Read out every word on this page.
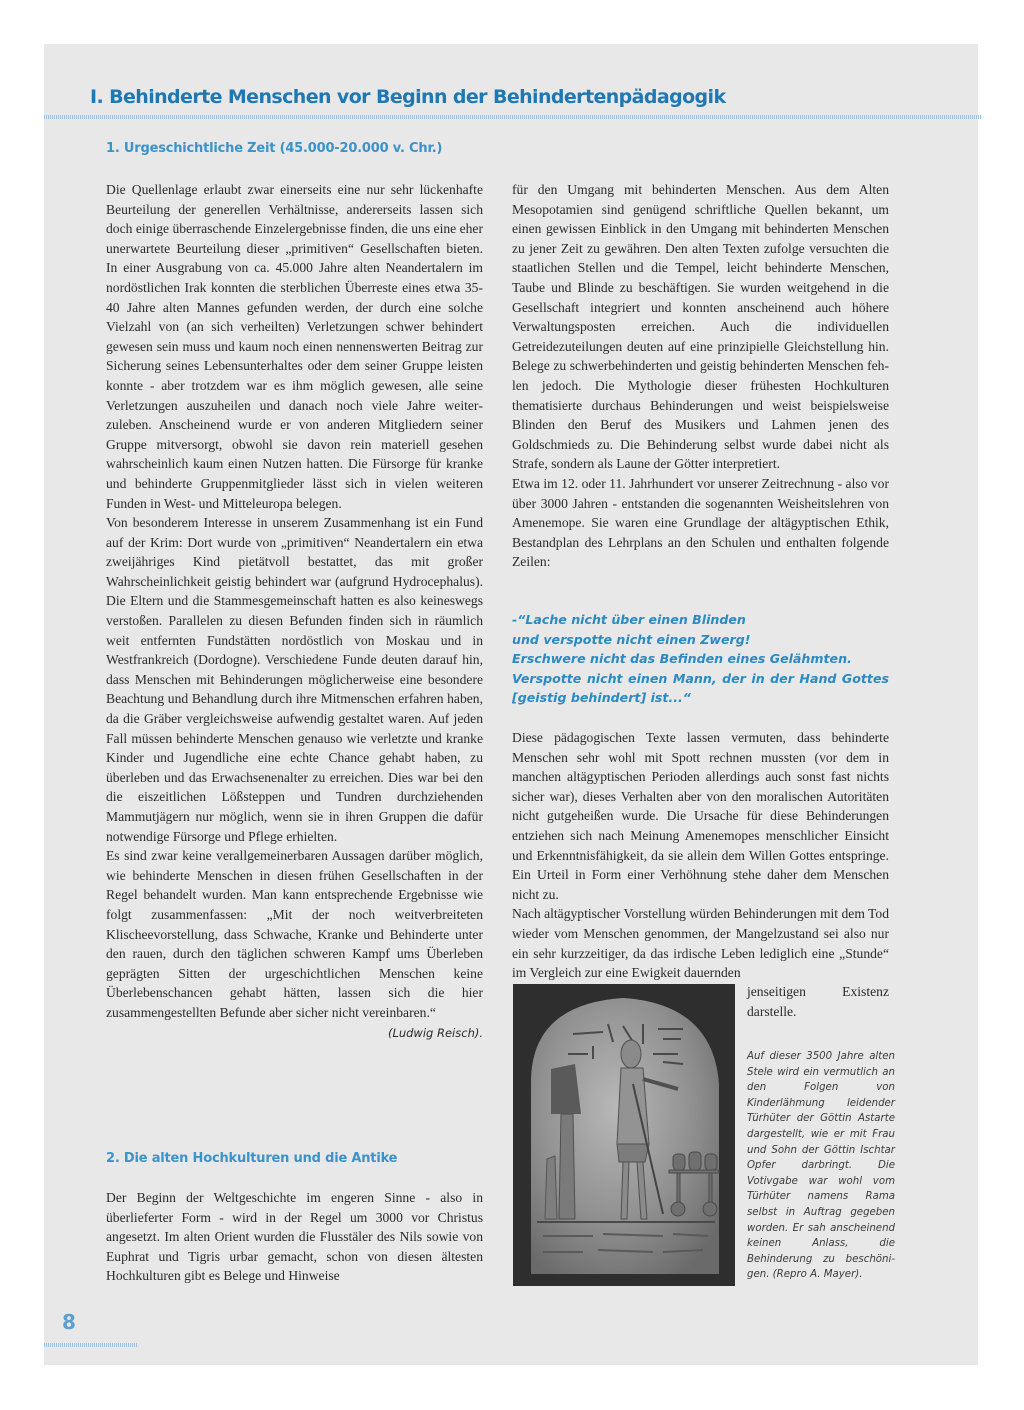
I. Behinderte Menschen vor Beginn der Behindertenpädagogik
1. Urgeschichtliche Zeit (45.000-20.000 v. Chr.)

Die Quellenlage erlaubt zwar einerseits eine nur sehr lückenhafte Beurteilung der generellen Verhältnisse, andererseits lassen sich doch einige überraschende Einzelergebnisse finden, die uns eine eher unerwartete Beurteilung dieser „primitiven“ Gesellschaften bieten. In einer Ausgrabung von ca. 45.000 Jahre alten Neandertalern im nordöstlichen Irak konnten die sterblichen Überreste eines etwa 35-40 Jahre alten Mannes gefunden werden, der durch eine solche Vielzahl von (an sich verheilten) Verletzungen schwer behindert gewesen sein muss und kaum noch einen nennenswerten Beitrag zur Sicherung seines Lebensunterhaltes oder dem seiner Gruppe leisten konnte - aber trotzdem war es ihm möglich gewesen, alle seine Verletzungen auszuheilen und danach noch viele Jahre weiterzuleben. Anscheinend wurde er von anderen Mitgliedern seiner Gruppe mitversorgt, obwohl sie davon rein materiell gesehen wahrscheinlich kaum einen Nutzen hatten. Die Fürsorge für kranke und behinderte Gruppenmitglieder lässt sich in vielen weiteren Funden in West- und Mitteleuropa belegen.

Von besonderem Interesse in unserem Zusammenhang ist ein Fund auf der Krim: Dort wurde von „primitiven“ Neandertalern ein etwa zweijähriges Kind pietätvoll bestattet, das mit großer Wahrscheinlichkeit geistig behindert war (aufgrund Hydrocephalus). Die Eltern und die Stammesgemeinschaft hatten es also keineswegs verstoßen. Parallelen zu diesen Befunden finden sich in räumlich weit entfernten Fundstätten nordöstlich von Moskau und in Westfrankreich (Dordogne). Verschiedene Funde deuten darauf hin, dass Menschen mit Behinderungen möglicherweise eine besondere Beachtung und Behandlung durch ihre Mitmenschen erfahren haben, da die Gräber vergleichsweise aufwendig gestaltet waren. Auf jeden Fall müssen behinderte Menschen genauso wie verletzte und kranke Kinder und Jugendliche eine echte Chance gehabt haben, zu überleben und das Erwachsenenalter zu erreichen. Dies war bei den die eiszeitlichen Lößsteppen und Tundren durchziehenden Mammutjägern nur möglich, wenn sie in ihren Gruppen die dafür notwendige Fürsorge und Pflege erhielten.

Es sind zwar keine verallgemeinerbaren Aussagen darüber möglich, wie behinderte Menschen in diesen frühen Gesellschaften in der Regel behandelt wurden. Man kann entsprechende Ergebnisse wie folgt zusammenfassen: „Mit der noch weitverbreiteten Klischeevorstellung, dass Schwache, Kranke und Behinderte unter den rauen, durch den täglichen schweren Kampf ums Überleben geprägten Sitten der urgeschichtlichen Menschen keine Überlebenschancen gehabt hätten, lassen sich die hier zusammengestellten Befunde aber sicher nicht vereinbaren.“

(Ludwig Reisch).

2. Die alten Hochkulturen und die Antike

Der Beginn der Weltgeschichte im engeren Sinne - also in überlieferter Form - wird in der Regel um 3000 vor Christus angesetzt. Im alten Orient wurden die Flusstäler des Nils sowie von Euphrat und Tigris urbar gemacht, schon von diesen ältesten Hochkulturen gibt es Belege und Hinweise

für den Umgang mit behinderten Menschen. Aus dem Alten Mesopotamien sind genügend schriftliche Quellen bekannt, um einen gewissen Einblick in den Umgang mit behinderten Menschen zu jener Zeit zu gewähren. Den alten Texten zufolge versuchten die staatlichen Stellen und die Tempel, leicht behinderte Menschen, Taube und Blinde zu beschäftigen. Sie wurden weitgehend in die Gesellschaft integriert und konnten anscheinend auch höhere Verwaltungsposten erreichen. Auch die individuellen Getreidezuteilungen deuten auf eine prinzipielle Gleichstellung hin. Belege zu schwerbehinderten und geistig behinderten Menschen fehlen jedoch. Die Mythologie dieser frühesten Hochkulturen thematisierte durchaus Behinderungen und weist beispielsweise Blinden den Beruf des Musikers und Lahmen jenen des Goldschmieds zu. Die Behinderung selbst wurde dabei nicht als Strafe, sondern als Laune der Götter interpretiert.

Etwa im 12. oder 11. Jahrhundert vor unserer Zeitrechnung - also vor über 3000 Jahren - entstanden die sogenannten Weisheitslehren von Amenemope. Sie waren eine Grundlage der altägyptischen Ethik, Bestandplan des Lehrplans an den Schulen und enthalten folgende Zeilen:

-“Lache nicht über einen Blinden
und verspotte nicht einen Zwerg!
Erschwere nicht das Befinden eines Gelähmten.
Verspotte nicht einen Mann, der in der Hand Gottes
[geistig behindert] ist...“

Diese pädagogischen Texte lassen vermuten, dass behinderte Menschen sehr wohl mit Spott rechnen mussten (vor dem in manchen altägyptischen Perioden allerdings auch sonst fast nichts sicher war), dieses Verhalten aber von den moralischen Autoritäten nicht gutgeheißen wurde. Die Ursache für diese Behinderungen entziehen sich nach Meinung Amenemopes menschlicher Einsicht und Erkenntnisfähigkeit, da sie allein dem Willen Gottes entspringe. Ein Urteil in Form einer Verhöhnung stehe daher dem Menschen nicht zu.

Nach altägyptischer Vorstellung würden Behinderungen mit dem Tod wieder vom Menschen genommen, der Mangelzustand sei also nur ein sehr kurzzeitiger, da das irdische Leben lediglich eine „Stunde“ im Vergleich zur eine Ewigkeit dauernden

jenseitigen Existenz darstelle.

Auf dieser 3500 Jahre alten Stele wird ein vermutlich an den Folgen von Kinderlähmung leidender Türhüter der Göttin Astarte dargestellt, wie er mit Frau und Sohn der Göttin Ischtar Opfer darbringt. Die Votivgabe war wohl vom Türhüter namens Rama selbst in Auftrag gegeben worden. Er sah anscheinend keinen Anlass, die Behinderung zu beschönigen. (Repro A. Mayer).

8
